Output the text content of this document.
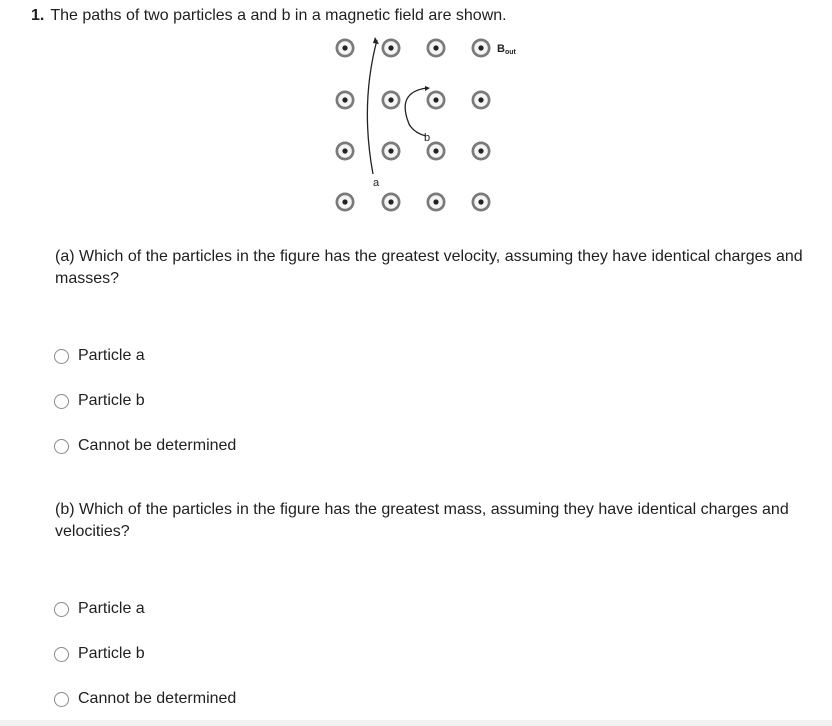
1. The paths of two particles a and b in a magnetic field are shown.
a
b
Bout
(a) Which of the particles in the figure has the greatest velocity, assuming they have identical charges and masses?
Particle a
Particle b
Cannot be determined
(b) Which of the particles in the figure has the greatest mass, assuming they have identical charges and velocities?
Particle a
Particle b
Cannot be determined
